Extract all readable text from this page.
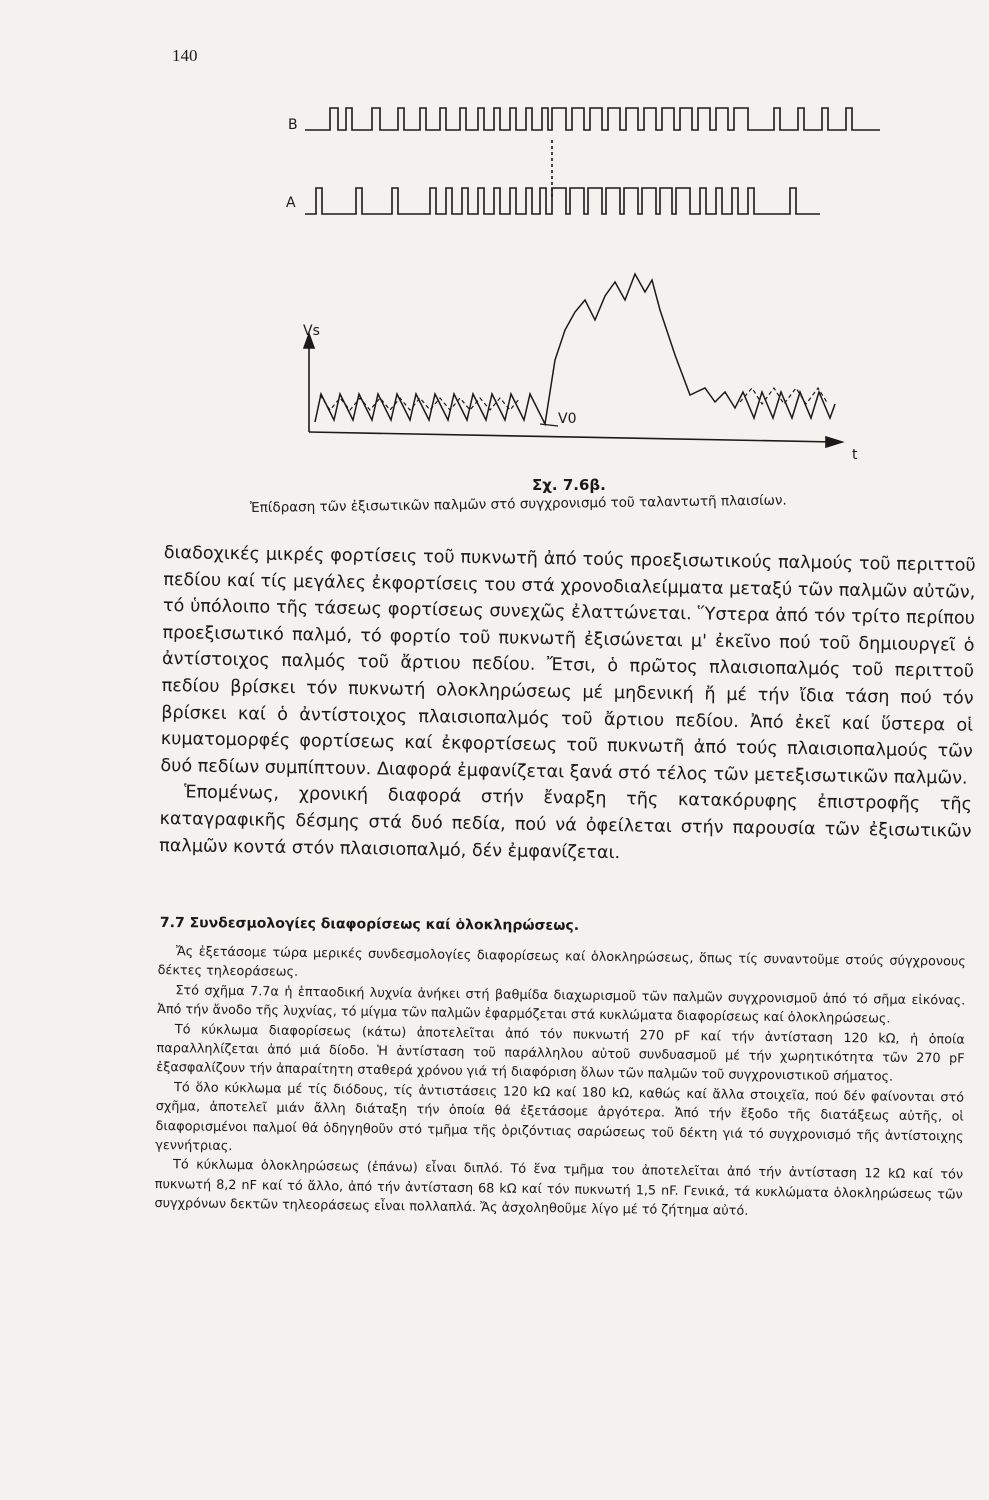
140
B
A
Vs
V0
t
Σχ. 7.6β.
Ἐπίδραση τῶν ἐξισωτικῶν παλμῶν στό συγχρονισμό τοῦ ταλαντωτῆ πλαισίων.

διαδοχικές μικρές φορτίσεις τοῦ πυκνωτῆ ἀπό τούς προεξισωτικούς παλμούς τοῦ περιττοῦ πεδίου καί τίς μεγάλες ἐκφορτίσεις του στά χρονοδιαλείμματα μεταξύ τῶν παλμῶν αὐτῶν, τό ὑπόλοιπο τῆς τάσεως φορτίσεως συνεχῶς ἐλαττώνεται. Ὕστερα ἀπό τόν τρίτο περίπου προεξισωτικό παλμό, τό φορτίο τοῦ πυκνωτῆ ἐξισώνεται μ' ἐκεῖνο πού τοῦ δημιουργεῖ ὁ ἀντίστοιχος παλμός τοῦ ἄρτιου πεδίου. Ἔτσι, ὁ πρῶτος πλαισιοπαλμός τοῦ περιττοῦ πεδίου βρίσκει τόν πυκνωτή ολοκληρώσεως μέ μηδενική ἤ μέ τήν ἴδια τάση πού τόν βρίσκει καί ὁ ἀντίστοιχος πλαισιοπαλμός τοῦ ἄρτιου πεδίου. Ἀπό ἐκεῖ καί ὕστερα οἱ κυματομορφές φορτίσεως καί ἐκφορτίσεως τοῦ πυκνωτῆ ἀπό τούς πλαισιοπαλμούς τῶν δυό πεδίων συμπίπτουν. Διαφορά ἐμφανίζεται ξανά στό τέλος τῶν μετεξισωτικῶν παλμῶν.

Ἑπομένως, χρονική διαφορά στήν ἔναρξη τῆς κατακόρυφης ἐπιστροφῆς τῆς καταγραφικῆς δέσμης στά δυό πεδία, πού νά ὀφείλεται στήν παρουσία τῶν ἐξισωτικῶν παλμῶν κοντά στόν πλαισιοπαλμό, δέν ἐμφανίζεται.

7.7 Συνδεσμολογίες διαφορίσεως καί ὁλοκληρώσεως.

Ἄς ἐξετάσομε τώρα μερικές συνδεσμολογίες διαφορίσεως καί ὁλοκληρώσεως, ὅπως τίς συναντοῦμε στούς σύγχρονους δέκτες τηλεοράσεως.

Στό σχῆμα 7.7α ἡ ἑπταοδική λυχνία ἀνήκει στή βαθμίδα διαχωρισμοῦ τῶν παλμῶν συγχρονισμοῦ ἀπό τό σῆμα εἰκόνας. Ἀπό τήν ἄνοδο τῆς λυχνίας, τό μίγμα τῶν παλμῶν ἐφαρμόζεται στά κυκλώματα διαφορίσεως καί ὁλοκληρώσεως.

Τό κύκλωμα διαφορίσεως (κάτω) ἀποτελεῖται ἀπό τόν πυκνωτή 270 pF καί τήν ἀντίσταση 120 kΩ, ἡ ὁποία παραλληλίζεται ἀπό μιά δίοδο. Ἡ ἀντίσταση τοῦ παράλληλου αὐτοῦ συνδυασμοῦ μέ τήν χωρητικότητα τῶν 270 pF ἐξασφαλίζουν τήν ἀπαραίτητη σταθερά χρόνου γιά τή διαφόριση ὅλων τῶν παλμῶν τοῦ συγχρονιστικοῦ σήματος.

Τό ὅλο κύκλωμα μέ τίς διόδους, τίς ἀντιστάσεις 120 kΩ καί 180 kΩ, καθώς καί ἄλλα στοιχεῖα, πού δέν φαίνονται στό σχῆμα, ἀποτελεῖ μιάν ἄλλη διάταξη τήν ὁποία θά ἐξετάσομε ἀργότερα. Ἀπό τήν ἔξοδο τῆς διατάξεως αὐτῆς, οἱ διαφορισμένοι παλμοί θά ὁδηγηθοῦν στό τμῆμα τῆς ὁριζόντιας σαρώσεως τοῦ δέκτη γιά τό συγχρονισμό τῆς ἀντίστοιχης γεννήτριας.

Τό κύκλωμα ὁλοκληρώσεως (ἐπάνω) εἶναι διπλό. Τό ἕνα τμῆμα του ἀποτελεῖται ἀπό τήν ἀντίσταση 12 kΩ καί τόν πυκνωτή 8,2 nF καί τό ἄλλο, ἀπό τήν ἀντίσταση 68 kΩ καί τόν πυκνωτή 1,5 nF. Γενικά, τά κυκλώματα ὁλοκληρώσεως τῶν συγχρόνων δεκτῶν τηλεοράσεως εἶναι πολλαπλά. Ἄς ἀσχοληθοῦμε λίγο μέ τό ζήτημα αὐτό.
